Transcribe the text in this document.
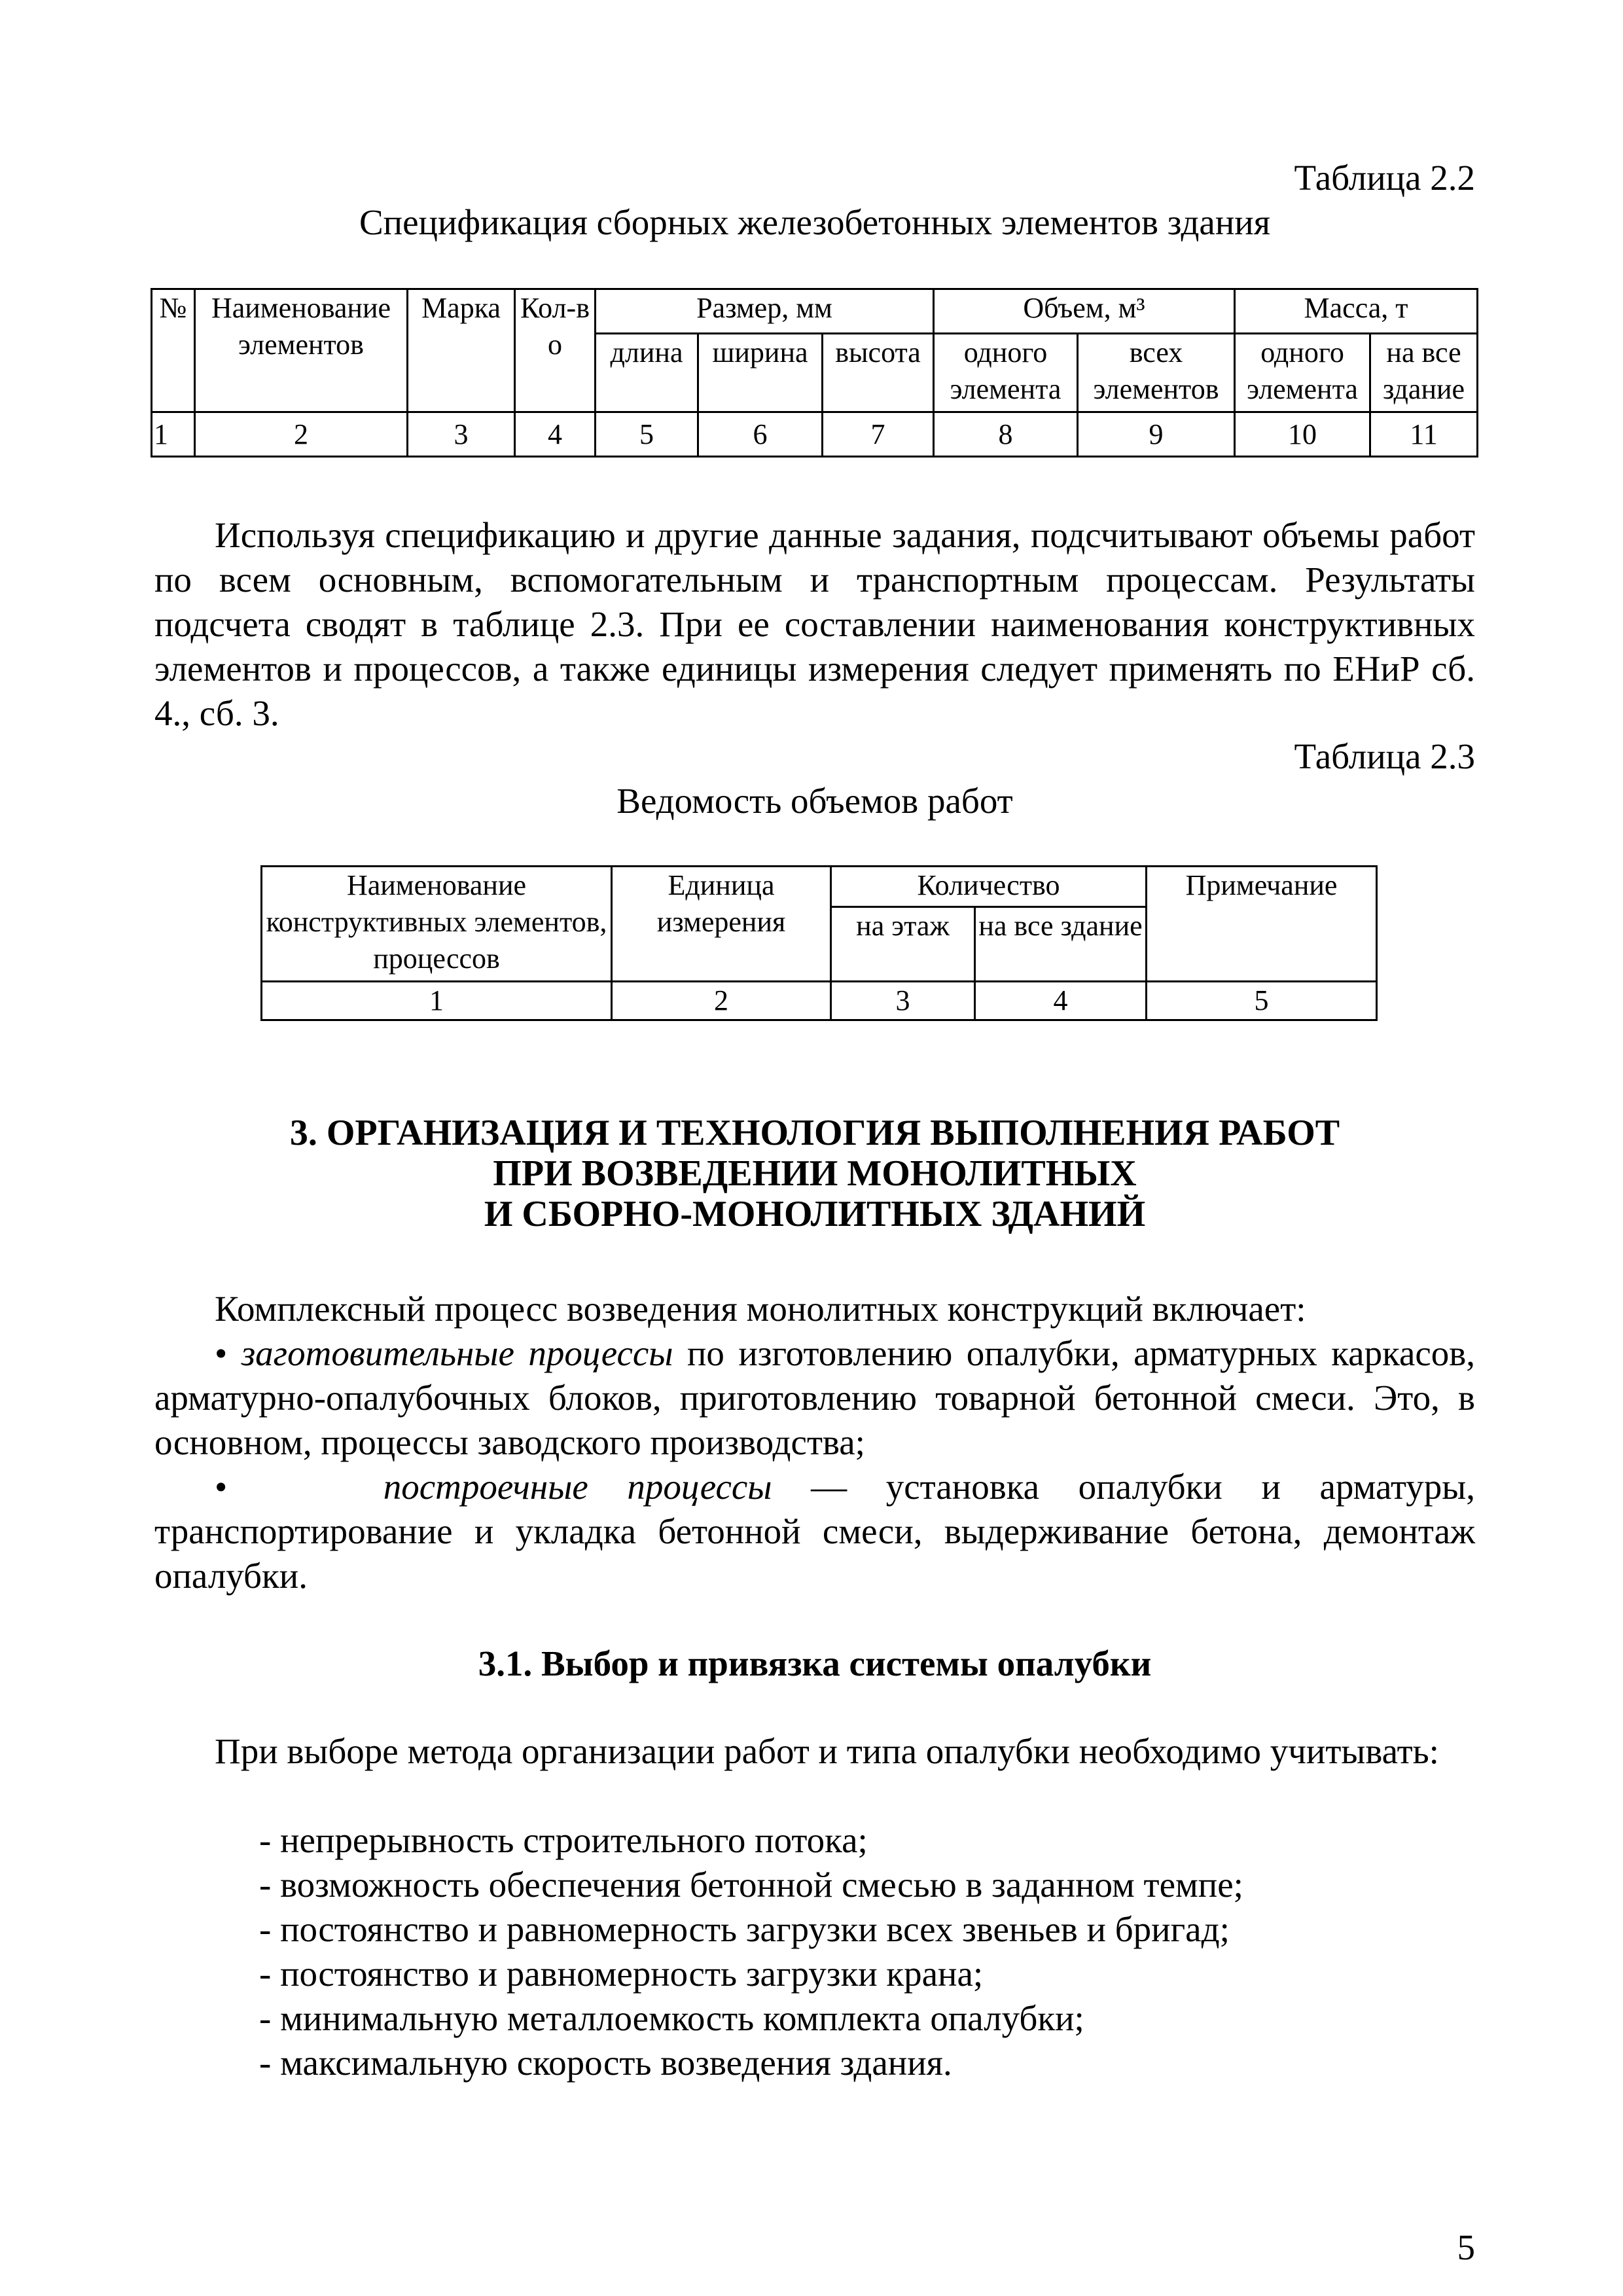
Таблица 2.2
Спецификация сборных железобетонных элементов здания
№	Наименование элементов	Марка	Кол-во	Размер, мм			Объем, м³		Масса, т	
				длина	ширина	высота	одного элемента	всех элементов	одного элемента	на все здание
1	2	3	4	5	6	7	8	9	10	11

Используя спецификацию и другие данные задания, подсчитывают объемы работ по всем основным, вспомогательным и транспортным процессам. Результаты подсчета сводят в таблице 2.3. При ее составлении наименования конструктивных элементов и процессов, а также единицы измерения следует применять по ЕНиР сб. 4., сб. 3.

Таблица 2.3
Ведомость объемов работ
Наименование конструктивных элементов, процессов	Единица измерения	Количество		Примечание
		на этаж	на все здание	
1	2	3	4	5
3. ОРГАНИЗАЦИЯ И ТЕХНОЛОГИЯ ВЫПОЛНЕНИЯ РАБОТ
ПРИ ВОЗВЕДЕНИИ МОНОЛИТНЫХ
И СБОРНО-МОНОЛИТНЫХ ЗДАНИЙ

Комплексный процесс возведения монолитных конструкций включает:

• заготовительные процессы по изготовлению опалубки, арматурных каркасов, арматурно-опалубочных блоков, приготовлению товарной бетонной смеси. Это, в основном, процессы заводского производства;

•	построечные процессы — установка опалубки и арматуры, транспортирование и укладка бетонной смеси, выдерживание бетона, демонтаж опалубки.

3.1. Выбор и привязка системы опалубки

При выборе метода организации работ и типа опалубки необходимо учитывать:

- непрерывность строительного потока;
- возможность обеспечения бетонной смесью в заданном темпе;
- постоянство и равномерность загрузки всех звеньев и бригад;
- постоянство и равномерность загрузки крана;
- минимальную металлоемкость комплекта опалубки;
- максимальную скорость возведения здания.
5
